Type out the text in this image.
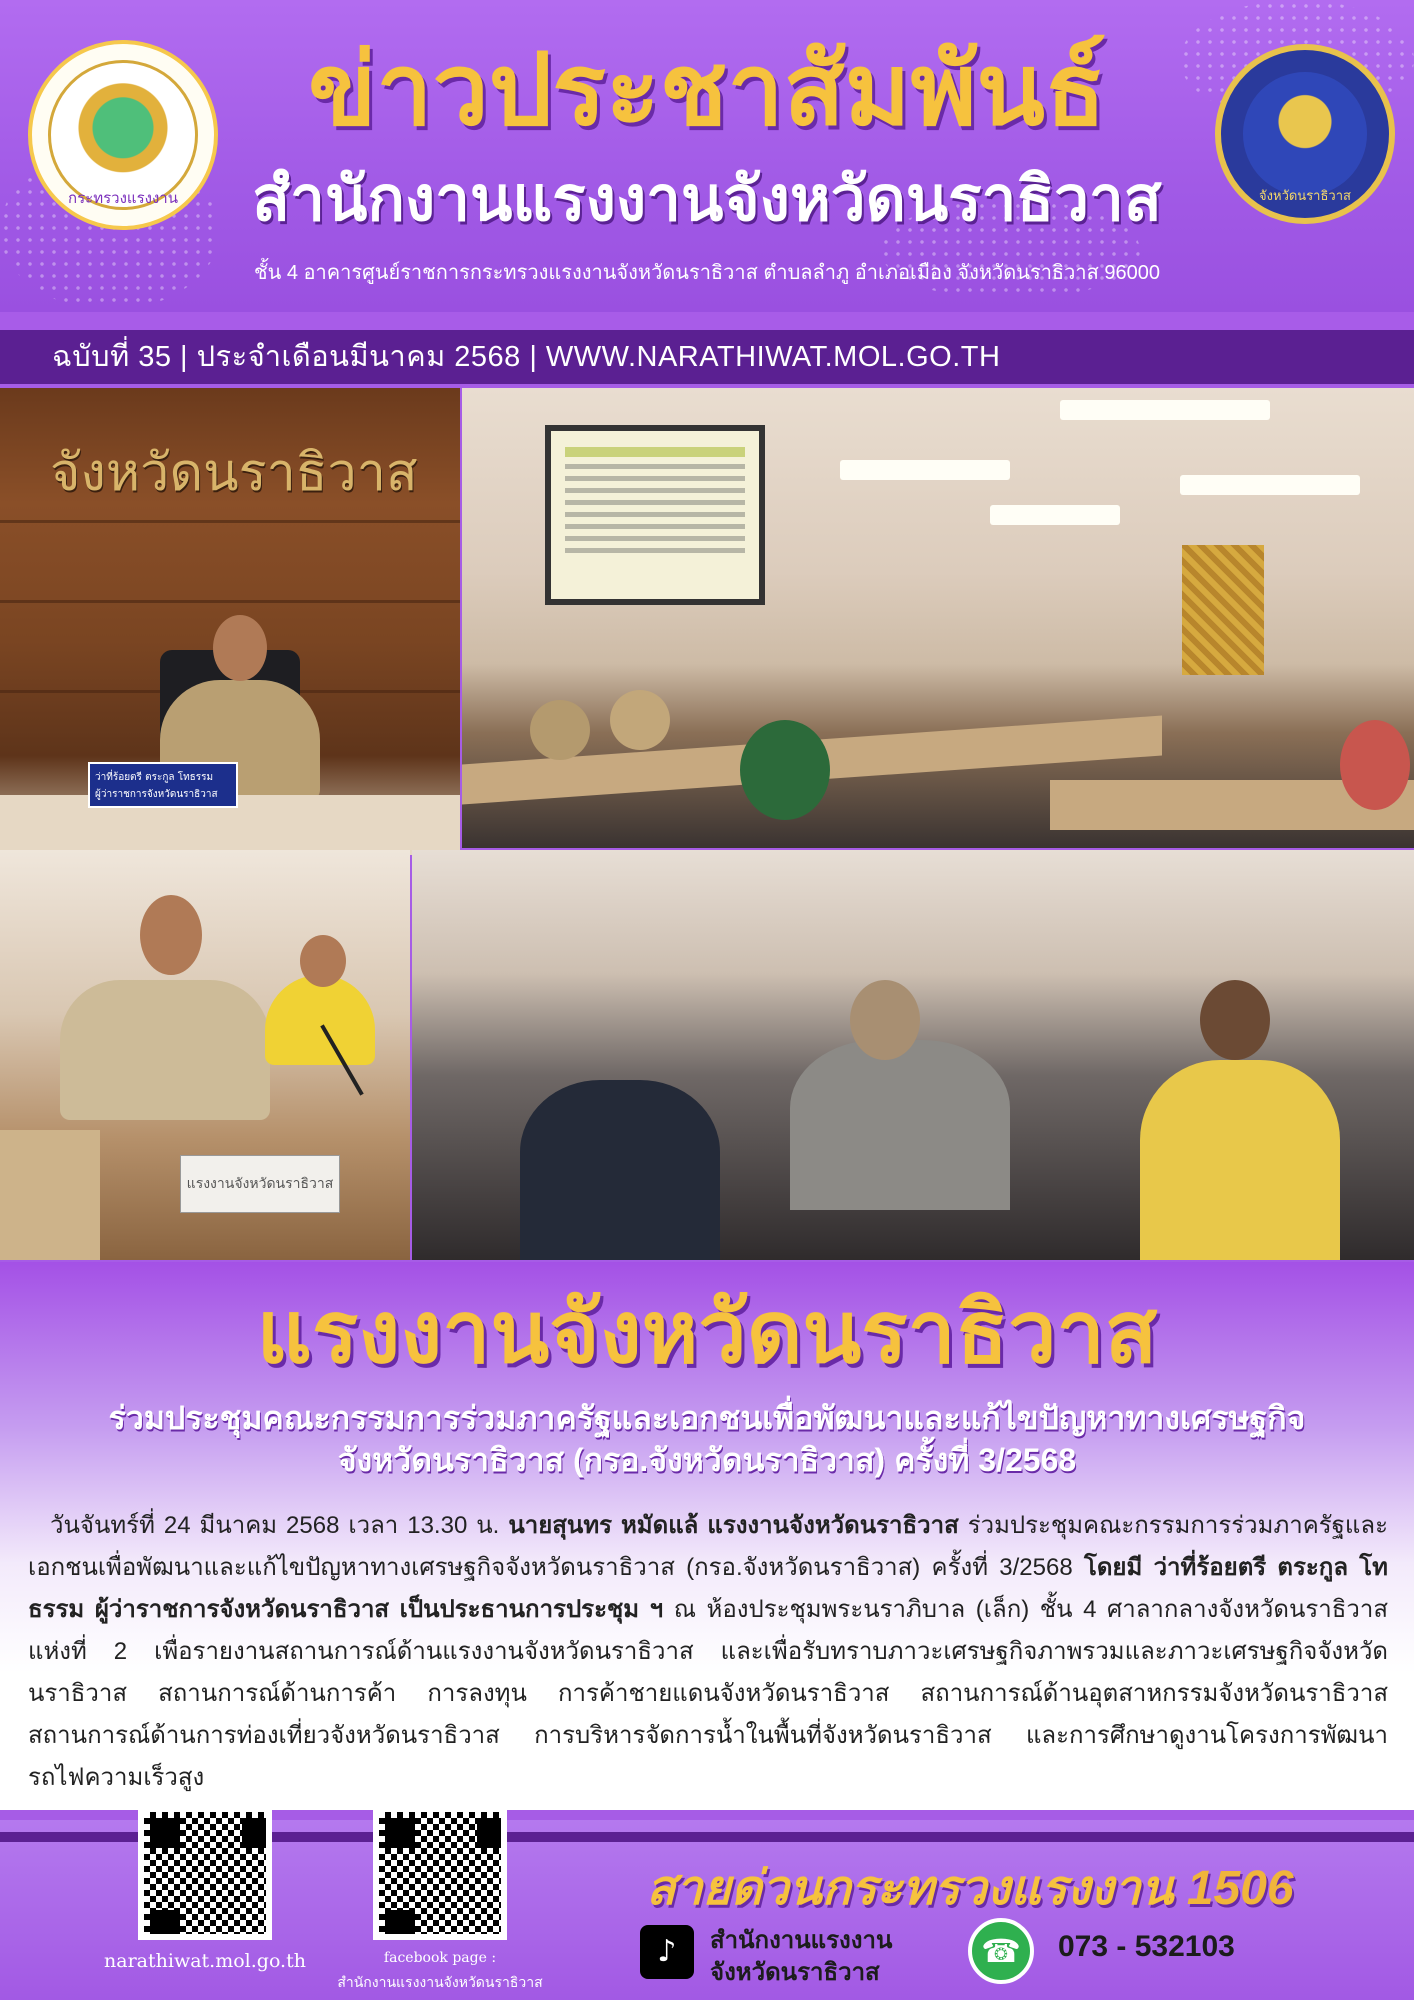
กระทรวงแรงงาน	จังหวัดนราธิวาส
ข่าวประชาสัมพันธ์
สำนักงานแรงงานจังหวัดนราธิวาส
ชั้น 4 อาคารศูนย์ราชการกระทรวงแรงงานจังหวัดนราธิวาส ตำบลลำภู อำเภอเมือง จังหวัดนราธิวาส 96000
ฉบับที่ 35 | ประจำเดือนมีนาคม 2568 | WWW.NARATHIWAT.MOL.GO.TH
จังหวัดนราธิวาส
ว่าที่ร้อยตรี ตระกูล โทธรรม
ผู้ว่าราชการจังหวัดนราธิวาส
แรงงานจังหวัดนราธิวาส
แรงงานจังหวัดนราธิวาส
ร่วมประชุมคณะกรรมการร่วมภาครัฐและเอกชนเพื่อพัฒนาและแก้ไขปัญหาทางเศรษฐกิจ
จังหวัดนราธิวาส (กรอ.จังหวัดนราธิวาส) ครั้งที่ 3/2568
วันจันทร์ที่ 24 มีนาคม 2568 เวลา 13.30 น. นายสุนทร หมัดแล้ แรงงานจังหวัดนราธิวาส ร่วมประชุมคณะกรรมการร่วมภาครัฐและเอกชนเพื่อพัฒนาและแก้ไขปัญหาทางเศรษฐกิจจังหวัดนราธิวาส (กรอ.จังหวัดนราธิวาส) ครั้งที่ 3/2568 โดยมี ว่าที่ร้อยตรี ตระกูล โทธรรม ผู้ว่าราชการจังหวัดนราธิวาส เป็นประธานการประชุม ฯ ณ ห้องประชุมพระนราภิบาล (เล็ก) ชั้น 4 ศาลากลางจังหวัดนราธิวาส แห่งที่ 2 เพื่อรายงานสถานการณ์ด้านแรงงานจังหวัดนราธิวาส และเพื่อรับทราบภาวะเศรษฐกิจภาพรวมและภาวะเศรษฐกิจจังหวัดนราธิวาส สถานการณ์ด้านการค้า การลงทุน การค้าชายแดนจังหวัดนราธิวาส สถานการณ์ด้านอุตสาหกรรมจังหวัดนราธิวาส สถานการณ์ด้านการท่องเที่ยวจังหวัดนราธิวาส การบริหารจัดการน้ำในพื้นที่จังหวัดนราธิวาส และการศึกษาดูงานโครงการพัฒนารถไฟความเร็วสูง
narathiwat.mol.go.th	facebook page :
สำนักงานแรงงานจังหวัดนราธิวาส
สายด่วนกระทรวงแรงงาน 1506
♪	สำนักงานแรงงาน
จังหวัดนราธิวาส
☎	073 - 532103
